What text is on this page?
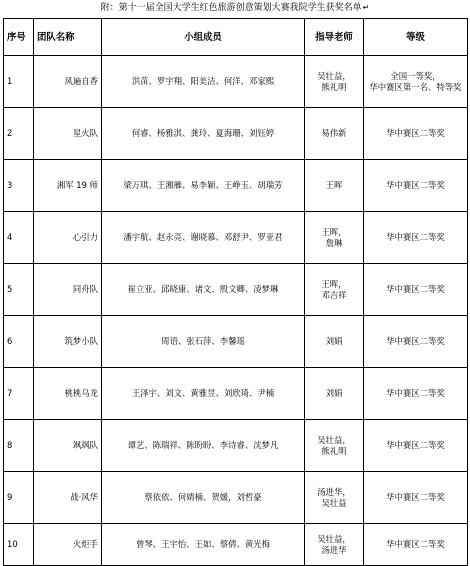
附：第十一届全国大学生红色旅游创意策划大赛我院学生获奖名单↵
序号	团队名称	小组成员	指导老师	等级
1	风遍自香	洪苗、罗宇翔、阳美洁、何洋、邓家熙	吴壮益，
熊礼明	全国一等奖，
华中赛区第一名、特等奖

2	星火队	何睿、杨雅淇、龚玲、夏海珊、刘钰婷	易伟新	华中赛区二等奖

3	湘军 19 师	梁万琪、王湘雁、易李颖、王峥玉、胡瑞芳	王晖	华中赛区二等奖

4	心引力	潘宇航、赵永亮、谢晓慕、邓舒尹、罗亚君	王晖，
詹琳	华中赛区二等奖

5	同舟队	崔立亚、邱晓康、诸文、殷文卿、凌梦琳	王晖，
邓吉祥	华中赛区二等奖

6	筑梦小队	周语、张石萍、李馨瑶	刘娟	华中赛区二等奖

7	桃桃乌龙	王泽宇、刘文、黄雅昱、刘欣琦、尹楠	刘娟	华中赛区二等奖

8	飒飒队	谭艺、陈瑞祥、陈盼盼、李诗睿、沈梦凡	吴壮益，
熊礼明	华中赛区二等奖

9	战·风华	蔡依依、何婧楠、贺媛，刘哲豪	汤进华，
吴壮益	华中赛区二等奖

10	火炬手	曾琴、王宇怡、王如、蔡倩、黄光梅	吴壮益，
汤进华	华中赛区二等奖
